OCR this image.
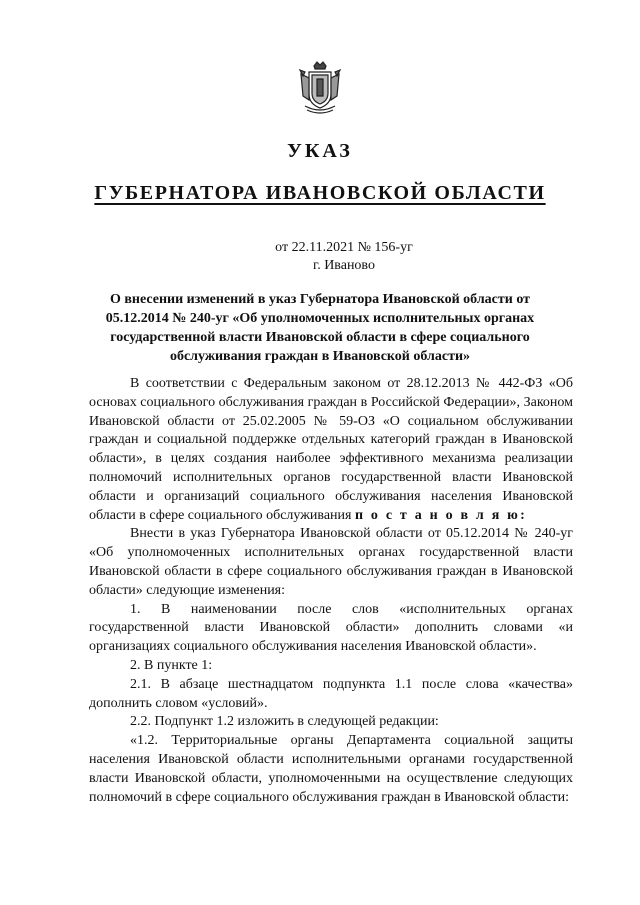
УКАЗ
ГУБЕРНАТОРА ИВАНОВСКОЙ ОБЛАСТИ
от 22.11.2021 № 156-уг
г. Иваново
О внесении изменений в указ Губернатора Ивановской области от 05.12.2014 № 240-уг «Об уполномоченных исполнительных органах государственной власти Ивановской области в сфере социального обслуживания граждан в Ивановской области»

В соответствии с Федеральным законом от 28.12.2013 № 442-ФЗ «Об основах социального обслуживания граждан в Российской Федерации», Законом Ивановской области от 25.02.2005 № 59-ОЗ «О социальном обслуживании граждан и социальной поддержке отдельных категорий граждан в Ивановской области», в целях создания наиболее эффективного механизма реализации полномочий исполнительных органов государственной власти Ивановской области и организаций социального обслуживания населения Ивановской области в сфере социального обслуживания п о с т а н о в л я ю:

Внести в указ Губернатора Ивановской области от 05.12.2014 № 240-уг «Об уполномоченных исполнительных органах государственной власти Ивановской области в сфере социального обслуживания граждан в Ивановской области» следующие изменения:

1. В наименовании после слов «исполнительных органах государственной власти Ивановской области» дополнить словами «и организациях социального обслуживания населения Ивановской области».

2. В пункте 1:

2.1. В абзаце шестнадцатом подпункта 1.1 после слова «качества» дополнить словом «условий».

2.2. Подпункт 1.2 изложить в следующей редакции:

«1.2. Территориальные органы Департамента социальной защиты населения Ивановской области исполнительными органами государственной власти Ивановской области, уполномоченными на осуществление следующих полномочий в сфере социального обслуживания граждан в Ивановской области:
